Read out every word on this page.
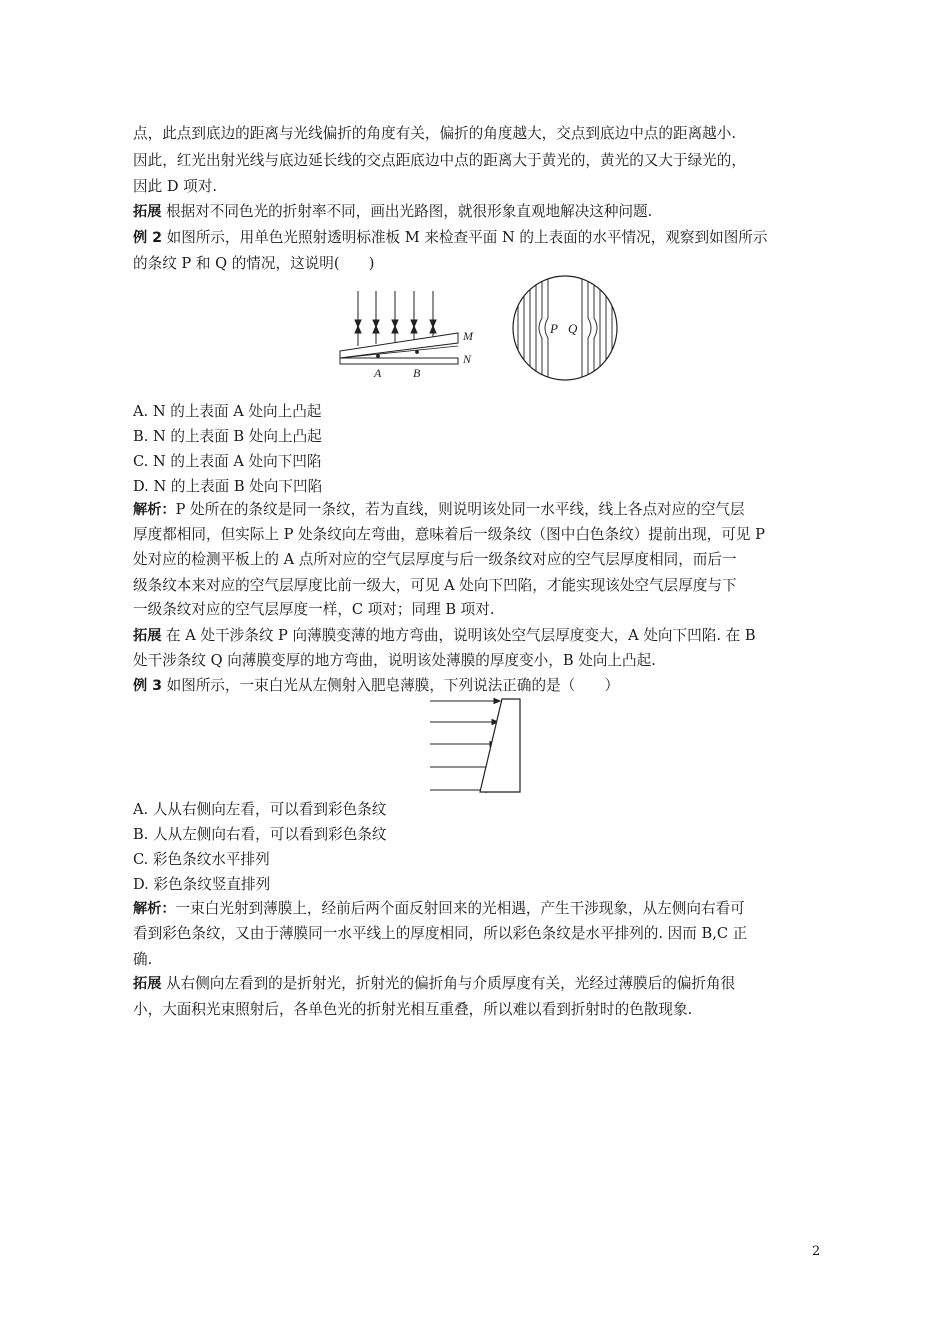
点，此点到底边的距离与光线偏折的角度有关，偏折的角度越大，交点到底边中点的距离越小.
因此，红光出射光线与底边延长线的交点距底边中点的距离大于黄光的，黄光的又大于绿光的，
因此 D 项对.
拓展 根据对不同色光的折射率不同，画出光路图，就很形象直观地解决这种问题.
例 2 如图所示，用单色光照射透明标准板 M 来检查平面 N 的上表面的水平情况，观察到如图所示
的条纹 P 和 Q 的情况，这说明(　　)
M
N
A	B
P Q
A. N 的上表面 A 处向上凸起
B. N 的上表面 B 处向上凸起
C. N 的上表面 A 处向下凹陷
D. N 的上表面 B 处向下凹陷
解析：P 处所在的条纹是同一条纹，若为直线，则说明该处同一水平线，线上各点对应的空气层
厚度都相同，但实际上 P 处条纹向左弯曲，意味着后一级条纹（图中白色条纹）提前出现，可见 P
处对应的检测平板上的 A 点所对应的空气层厚度与后一级条纹对应的空气层厚度相同，而后一
级条纹本来对应的空气层厚度比前一级大，可见 A 处向下凹陷，才能实现该处空气层厚度与下
一级条纹对应的空气层厚度一样，C 项对；同理 B 项对.
拓展 在 A 处干涉条纹 P 向薄膜变薄的地方弯曲，说明该处空气层厚度变大，A 处向下凹陷. 在 B
处干涉条纹 Q 向薄膜变厚的地方弯曲，说明该处薄膜的厚度变小，B 处向上凸起.
例 3 如图所示，一束白光从左侧射入肥皂薄膜，下列说法正确的是（　　）
A. 人从右侧向左看，可以看到彩色条纹
B. 人从左侧向右看，可以看到彩色条纹
C. 彩色条纹水平排列
D. 彩色条纹竖直排列
解析：一束白光射到薄膜上，经前后两个面反射回来的光相遇，产生干涉现象，从左侧向右看可
看到彩色条纹，又由于薄膜同一水平线上的厚度相同，所以彩色条纹是水平排列的. 因而 B,C 正
确.
拓展 从右侧向左看到的是折射光，折射光的偏折角与介质厚度有关，光经过薄膜后的偏折角很
小，大面积光束照射后，各单色光的折射光相互重叠，所以难以看到折射时的色散现象.
2
